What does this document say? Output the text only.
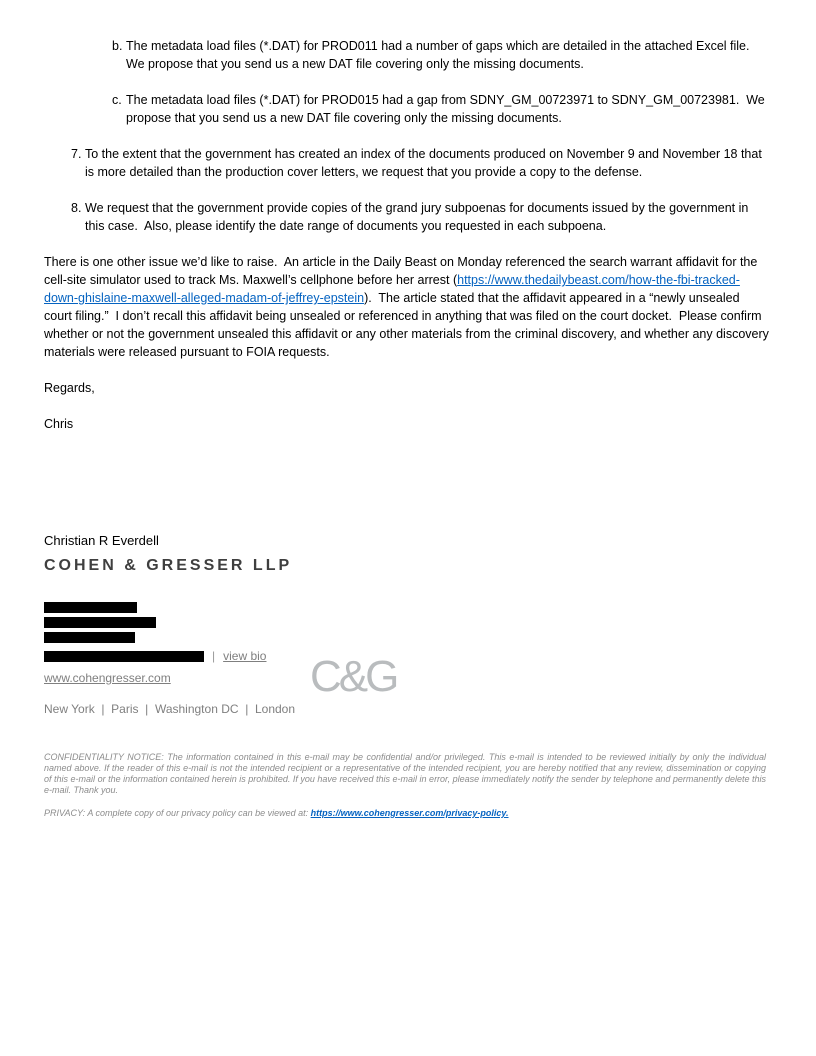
b. The metadata load files (*.DAT) for PROD011 had a number of gaps which are detailed in the attached Excel file.  We propose that you send us a new DAT file covering only the missing documents.
c. The metadata load files (*.DAT) for PROD015 had a gap from SDNY_GM_00723971 to SDNY_GM_00723981.  We propose that you send us a new DAT file covering only the missing documents.
7. To the extent that the government has created an index of the documents produced on November 9 and November 18 that is more detailed than the production cover letters, we request that you provide a copy to the defense.
8. We request that the government provide copies of the grand jury subpoenas for documents issued by the government in this case.  Also, please identify the date range of documents you requested in each subpoena.

There is one other issue we’d like to raise.  An article in the Daily Beast on Monday referenced the search warrant affidavit for the cell-site simulator used to track Ms. Maxwell’s cellphone before her arrest (https://www.thedailybeast.com/how-the-fbi-tracked-down-ghislaine-maxwell-alleged-madam-of-jeffrey-epstein).  The article stated that the affidavit appeared in a “newly unsealed court filing.”  I don’t recall this affidavit being unsealed or referenced in anything that was filed on the court docket.  Please confirm whether or not the government unsealed this affidavit or any other materials from the criminal discovery, and whether any discovery materials were released pursuant to FOIA requests.

Regards,

Chris

Christian R Everdell
COHEN & GRESSER LLP
| view bio
www.cohengresser.com
New York  |  Paris  |  Washington DC  |  London
C&G

CONFIDENTIALITY NOTICE: The information contained in this e-mail may be confidential and/or privileged. This e-mail is intended to be reviewed initially by only the individual named above. If the reader of this e-mail is not the intended recipient or a representative of the intended recipient, you are hereby notified that any review, dissemination or copying of this e-mail or the information contained herein is prohibited. If you have received this e-mail in error, please immediately notify the sender by telephone and permanently delete this e-mail. Thank you.

PRIVACY: A complete copy of our privacy policy can be viewed at: https://www.cohengresser.com/privacy-policy.
